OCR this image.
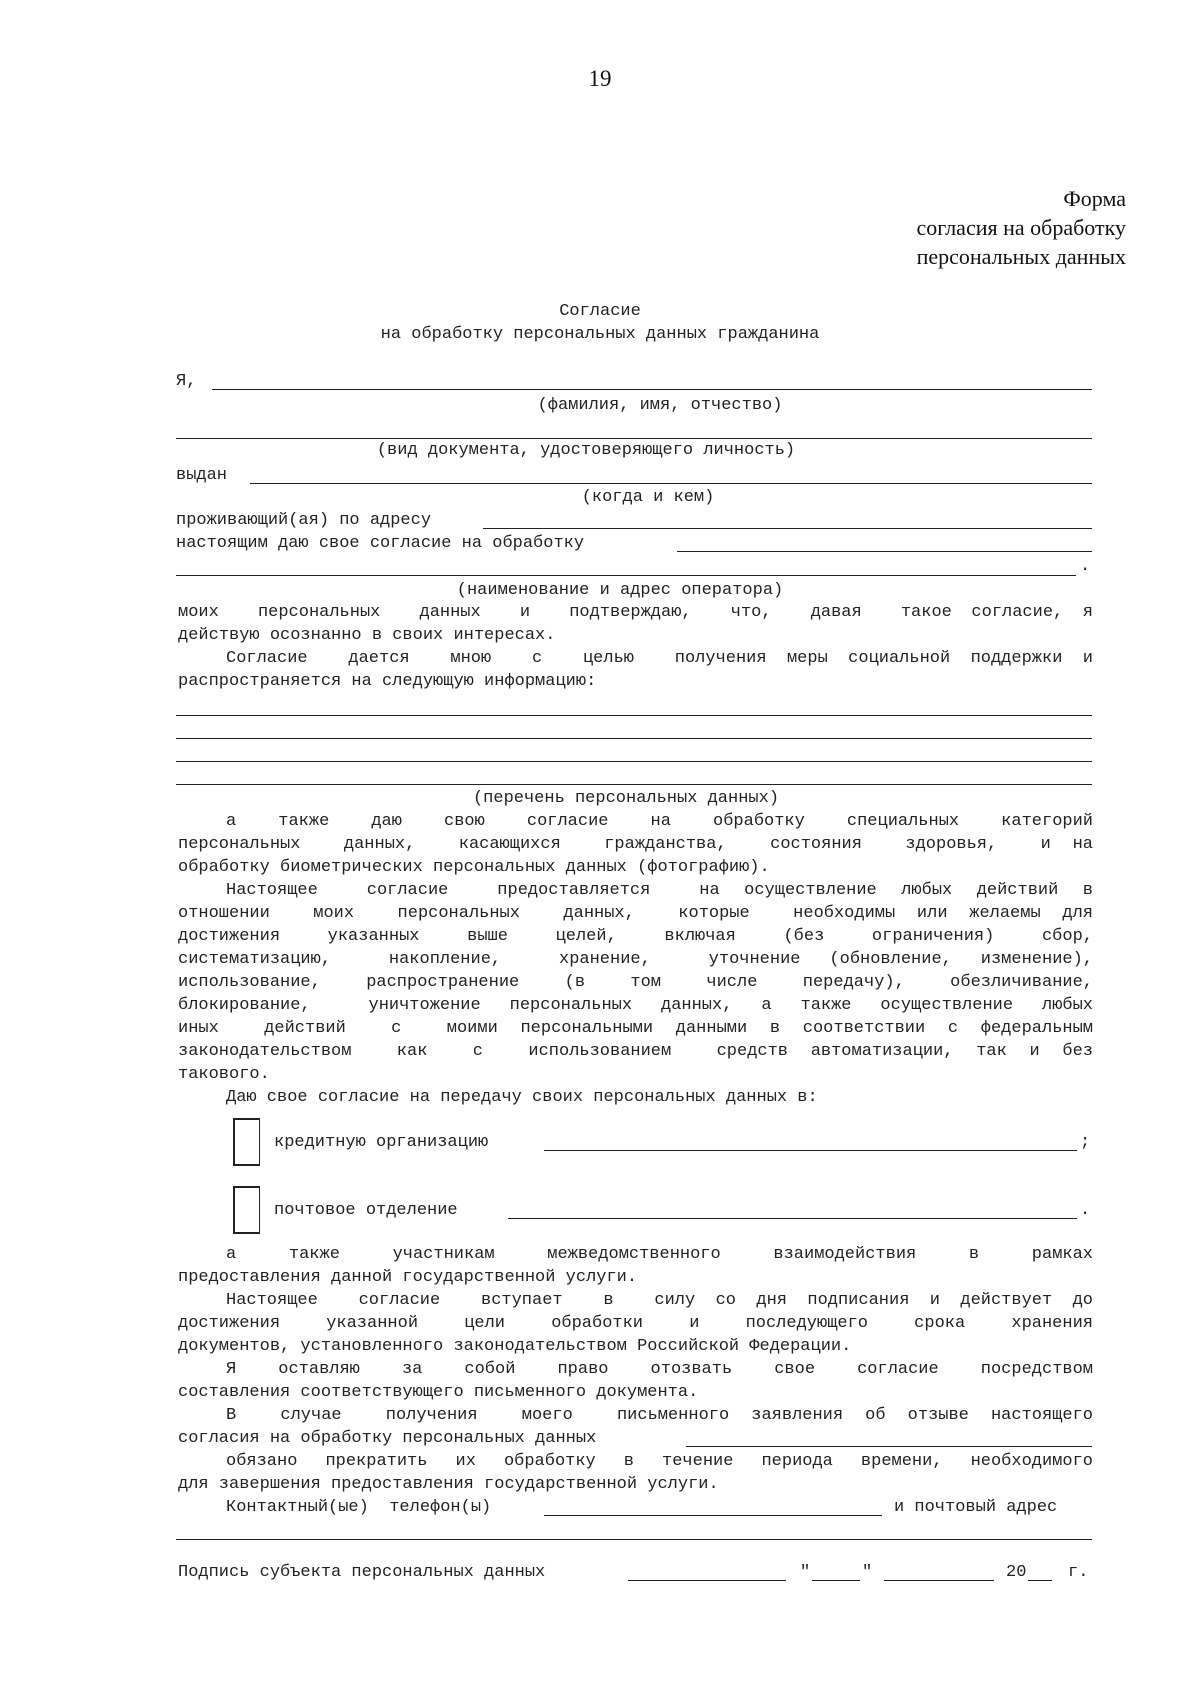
19
Форма
согласия на обработку
персональных данных
Согласие
на обработку персональных данных гражданина
Я,
(фамилия, имя, отчество)
(вид документа, удостоверяющего личность)
выдан
(когда и кем)
проживающий(ая) по адресу
настоящим даю свое согласие на обработку
.
(наименование и адрес оператора)
моих  персональных  данных  и  подтверждаю,  что,  давая  такое согласие, я
действую осознанно в своих интересах.
Согласие  дается  мною  с  целью  получения меры социальной поддержки и
распространяется на следующую информацию:
(перечень персональных данных)
а  также  даю  свою  согласие  на  обработку  специальных  категорий
персональных  данных,  касающихся  гражданства,  состояния  здоровья,  и на
обработку биометрических персональных данных (фотографию).
Настоящее  согласие  предоставляется  на осуществление любых действий в
отношении  моих  персональных  данных,  которые  необходимы или желаемы для
достижения  указанных  выше  целей,  включая  (без  ограничения)  сбор,
систематизацию,  накопление,  хранение,  уточнение (обновление, изменение),
использование,  распространение  (в  том  числе  передачу),  обезличивание,
блокирование,  уничтожение персональных данных, а также осуществление любых
иных  действий  с  моими персональными данными в соответствии с федеральным
законодательством  как  с  использованием  средств автоматизации, так и без
такового.
Даю свое согласие на передачу своих персональных данных в:
кредитную организацию	;
почтовое отделение	.
а  также  участникам  межведомственного  взаимодействия  в  рамках
предоставления данной государственной услуги.
Настоящее  согласие  вступает  в  силу со дня подписания и действует до
достижения  указанной  цели  обработки  и  последующего  срока  хранения
документов, установленного законодательством Российской Федерации.
Я  оставляю  за  собой  право  отозвать  свое  согласие  посредством
составления соответствующего письменного документа.
В  случае  получения  моего  письменного заявления об отзыве настоящего
согласия на обработку персональных данных
обязано прекратить их обработку в течение периода времени, необходимого
для завершения предоставления государственной услуги.
Контактный(ые)  телефон(ы)	и почтовый адрес
Подпись субъекта персональных данных	"	"	20 г.
